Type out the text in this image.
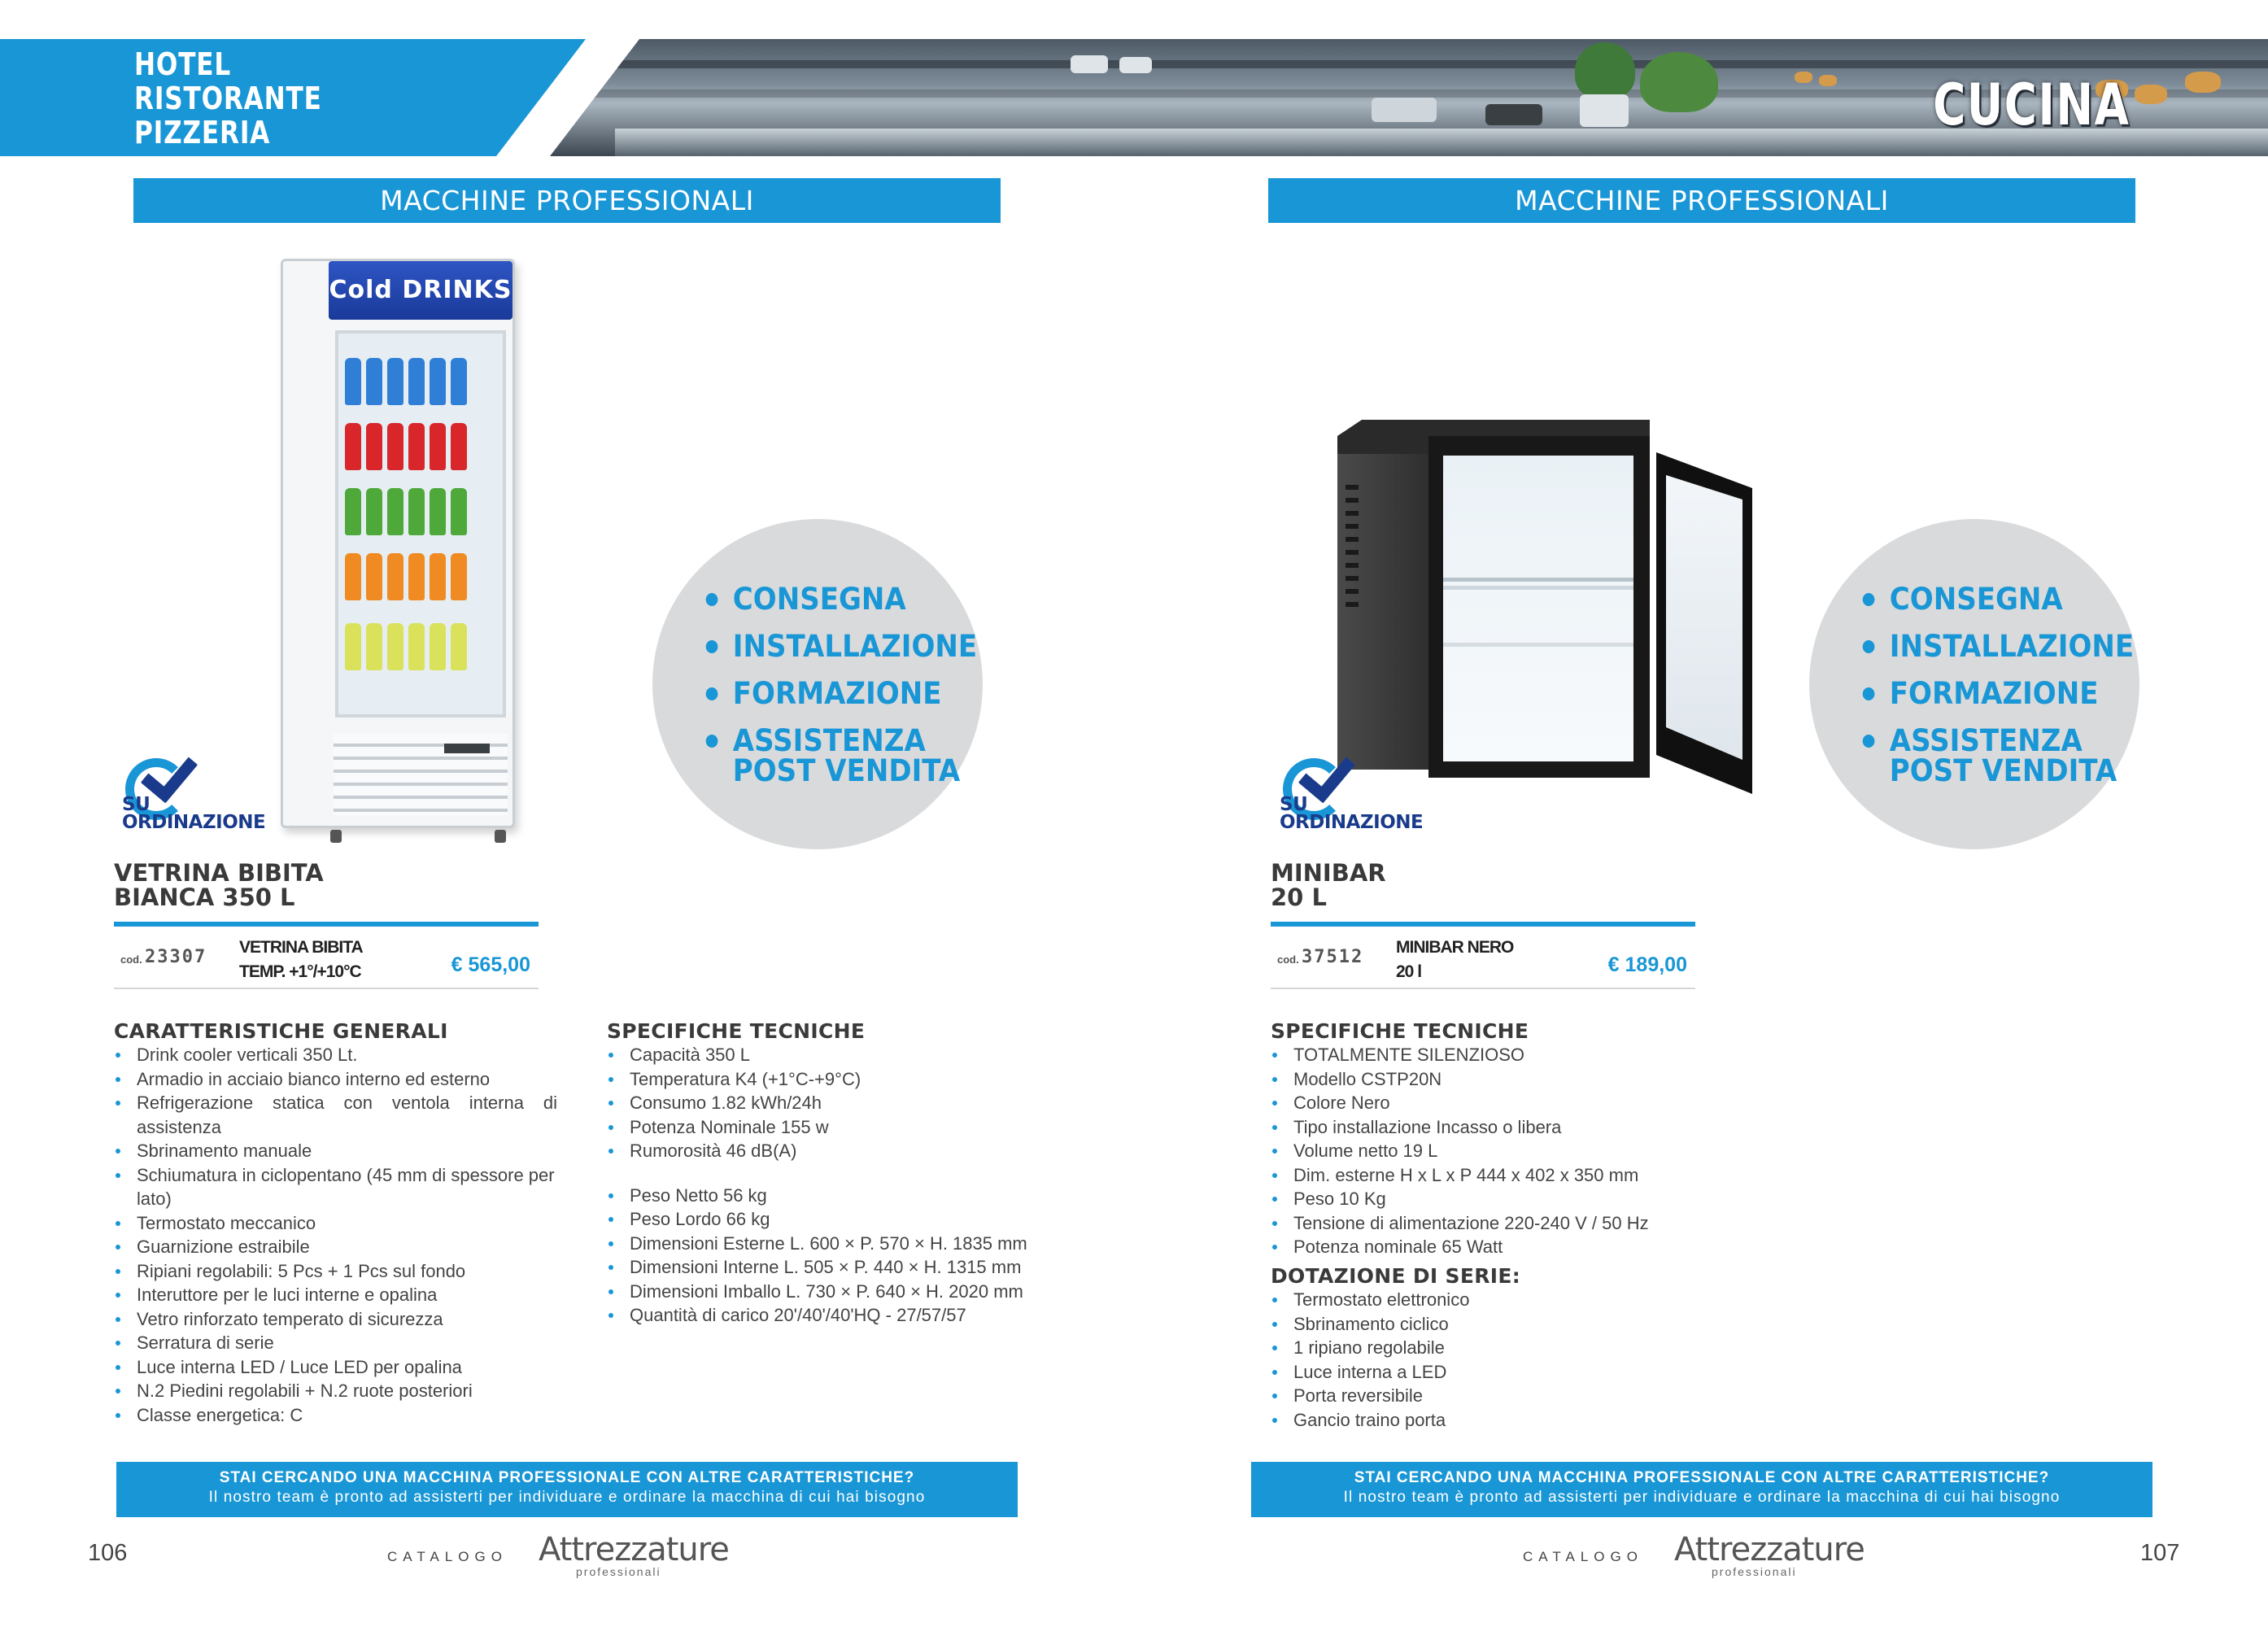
HOTEL
RISTORANTE
PIZZERIA	CUCINA
MACCHINE PROFESSIONALI
Cold DRINKS
CONSEGNA
INSTALLAZIONE
FORMAZIONE
ASSISTENZA
POST VENDITA
SU
ORDINAZIONE
VETRINA BIBITA
BIANCA 350 L
cod. 23307 VETRINA BIBITA
TEMP. +1°/+10°C	€ 565,00
CARATTERISTICHE GENERALI
Drink cooler verticali 350 Lt.
Armadio in acciaio bianco interno ed esterno
Refrigerazione statica con ventola interna di assistenza
Sbrinamento manuale
Schiumatura in ciclopentano (45 mm di spessore per lato)
Termostato meccanico
Guarnizione estraibile
Ripiani regolabili: 5 Pcs + 1 Pcs sul fondo
Interuttore per le luci interne e opalina
Vetro rinforzato temperato di sicurezza
Serratura di serie
Luce interna LED / Luce LED per opalina
N.2 Piedini regolabili + N.2 ruote posteriori
Classe energetica: C
SPECIFICHE TECNICHE
Capacità 350 L
Temperatura K4 (+1°C-+9°C)
Consumo 1.82 kWh/24h
Potenza Nominale 155 w
Rumorosità 46 dB(A)
Peso Netto 56 kg
Peso Lordo 66 kg
Dimensioni Esterne L. 600 × P. 570 × H. 1835 mm
Dimensioni Interne L. 505 × P. 440 × H. 1315 mm
Dimensioni Imballo L. 730 × P. 640 × H. 2020 mm
Quantità di carico 20'/40'/40'HQ - 27/57/57
STAI CERCANDO UNA MACCHINA PROFESSIONALE CON ALTRE CARATTERISTICHE?
Il nostro team è pronto ad assisterti per individuare e ordinare la macchina di cui hai bisogno
106	CATALOGO Attrezzature
professionali
MACCHINE PROFESSIONALI
CONSEGNA
INSTALLAZIONE
FORMAZIONE
ASSISTENZA
POST VENDITA
SU
ORDINAZIONE
MINIBAR
20 L
cod. 37512 MINIBAR NERO
20 l	€ 189,00
SPECIFICHE TECNICHE
TOTALMENTE SILENZIOSO
Modello CSTP20N
Colore Nero
Tipo installazione Incasso o libera
Volume netto 19 L
Dim. esterne H x L x P 444 x 402 x 350 mm
Peso 10 Kg
Tensione di alimentazione 220-240 V / 50 Hz
Potenza nominale 65 Watt
DOTAZIONE DI SERIE:
Termostato elettronico
Sbrinamento ciclico
1 ripiano regolabile
Luce interna a LED
Porta reversibile
Gancio traino porta
STAI CERCANDO UNA MACCHINA PROFESSIONALE CON ALTRE CARATTERISTICHE?
Il nostro team è pronto ad assisterti per individuare e ordinare la macchina di cui hai bisogno
107
CATALOGO Attrezzature
professionali
